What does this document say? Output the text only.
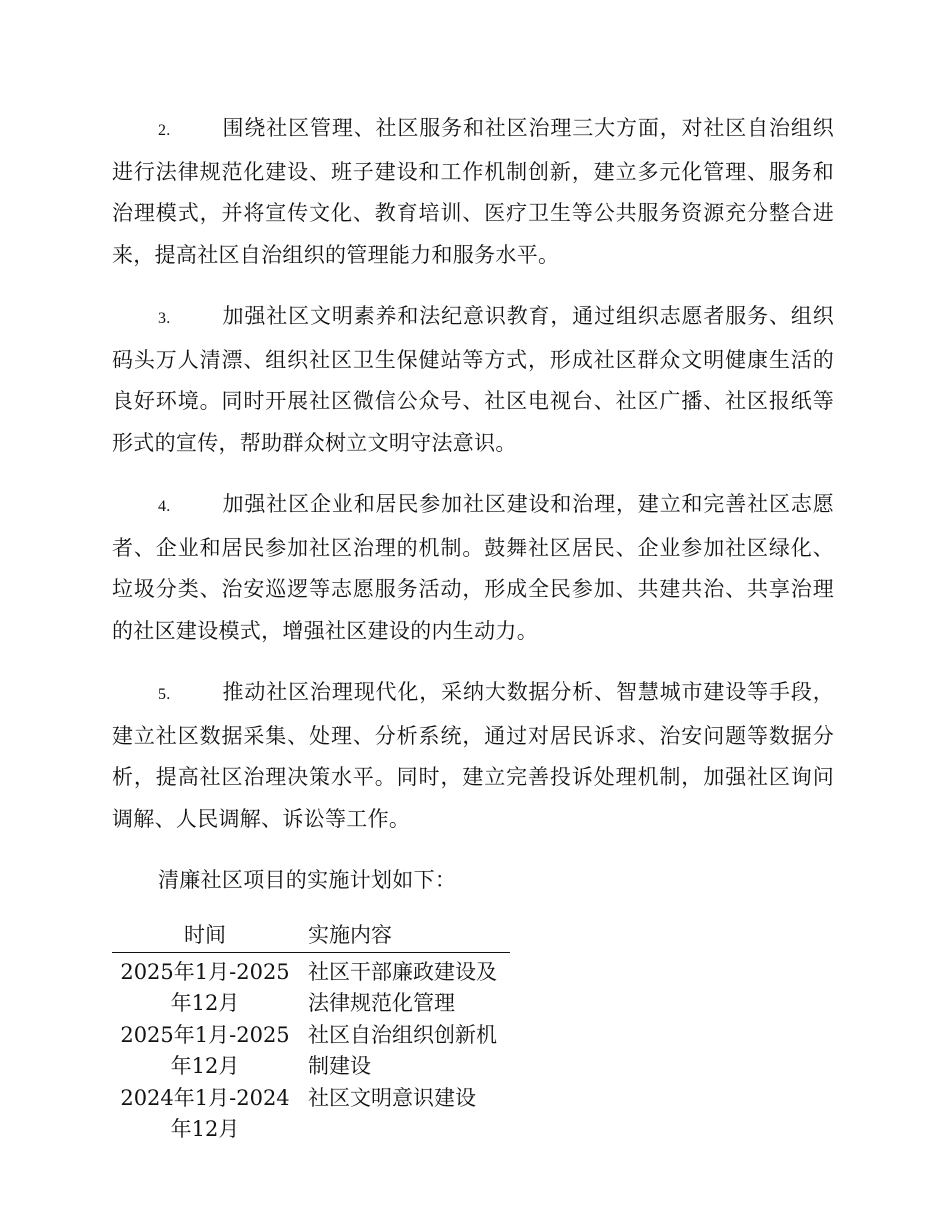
2. 围绕社区管理、社区服务和社区治理三大方面，对社区自治组织进行法律规范化建设、班子建设和工作机制创新，建立多元化管理、服务和治理模式，并将宣传文化、教育培训、医疗卫生等公共服务资源充分整合进来，提高社区自治组织的管理能力和服务水平。

3. 加强社区文明素养和法纪意识教育，通过组织志愿者服务、组织码头万人清漂、组织社区卫生保健站等方式，形成社区群众文明健康生活的良好环境。同时开展社区微信公众号、社区电视台、社区广播、社区报纸等形式的宣传，帮助群众树立文明守法意识。

4. 加强社区企业和居民参加社区建设和治理，建立和完善社区志愿者、企业和居民参加社区治理的机制。鼓舞社区居民、企业参加社区绿化、垃圾分类、治安巡逻等志愿服务活动，形成全民参加、共建共治、共享治理的社区建设模式，增强社区建设的内生动力。

5. 推动社区治理现代化，采纳大数据分析、智慧城市建设等手段，建立社区数据采集、处理、分析系统，通过对居民诉求、治安问题等数据分析，提高社区治理决策水平。同时，建立完善投诉处理机制，加强社区询问调解、人民调解、诉讼等工作。

清廉社区项目的实施计划如下：

时间	实施内容
2025年1月-2025
年12月	社区干部廉政建设及法律规范化管理
2025年1月-2025
年12月	社区自治组织创新机制建设
2024年1月-2024
年12月	社区文明意识建设
